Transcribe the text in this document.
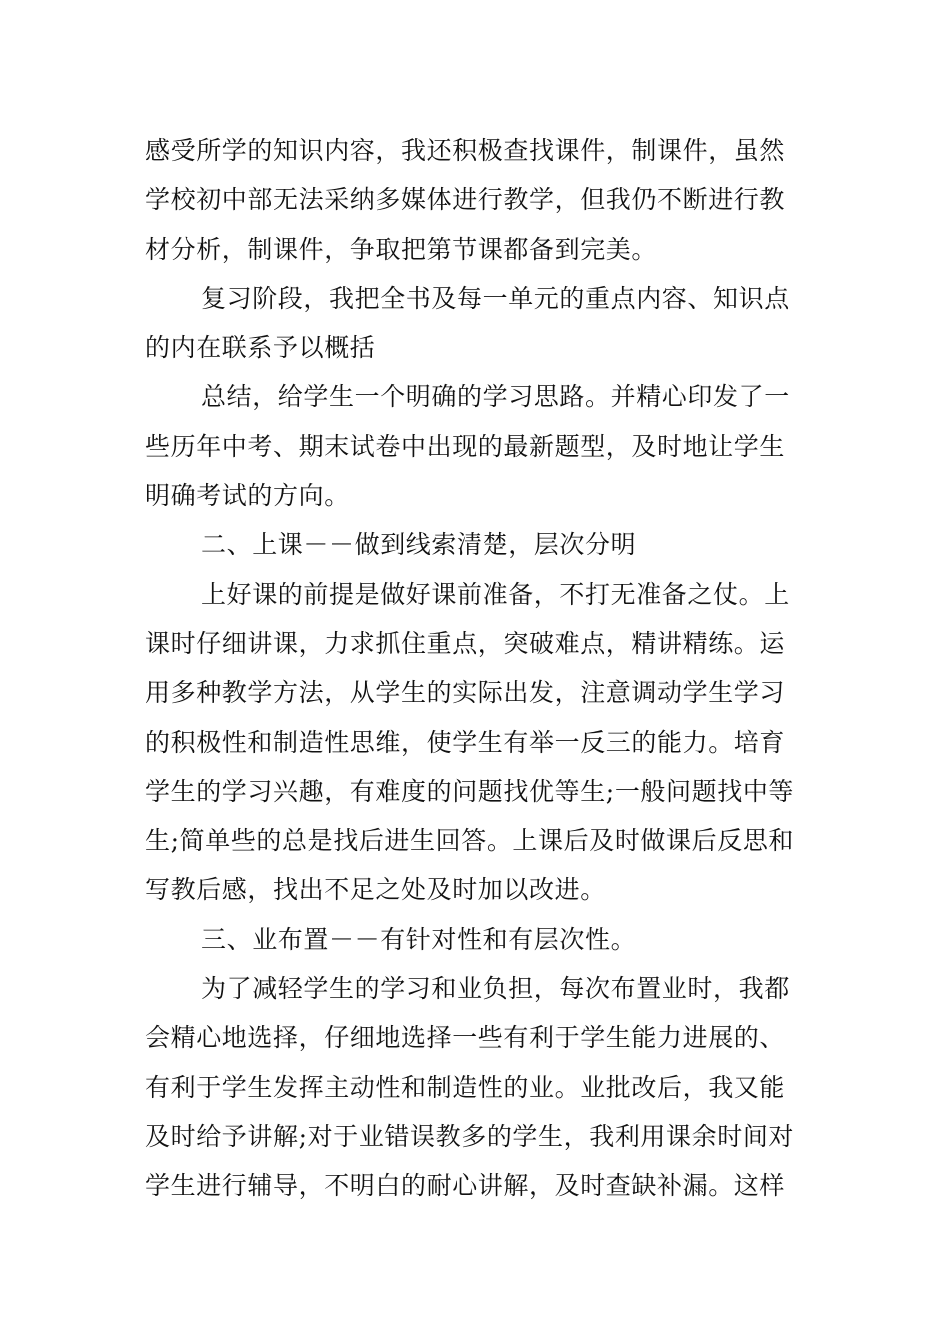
感受所学的知识内容，我还积极查找课件，制课件，虽然
学校初中部无法采纳多媒体进行教学，但我仍不断进行教
材分析，制课件，争取把第节课都备到完美。
复习阶段，我把全书及每一单元的重点内容、知识点
的内在联系予以概括
总结，给学生一个明确的学习思路。并精心印发了一
些历年中考、期末试卷中出现的最新题型，及时地让学生
明确考试的方向。
二、上课－－做到线索清楚，层次分明
上好课的前提是做好课前准备，不打无准备之仗。上
课时仔细讲课，力求抓住重点，突破难点，精讲精练。运
用多种教学方法，从学生的实际出发，注意调动学生学习
的积极性和制造性思维，使学生有举一反三的能力。培育
学生的学习兴趣，有难度的问题找优等生;一般问题找中等
生;简单些的总是找后进生回答。上课后及时做课后反思和
写教后感，找出不足之处及时加以改进。
三、业布置－－有针对性和有层次性。
为了减轻学生的学习和业负担，每次布置业时，我都
会精心地选择，仔细地选择一些有利于学生能力进展的、
有利于学生发挥主动性和制造性的业。业批改后，我又能
及时给予讲解;对于业错误教多的学生，我利用课余时间对
学生进行辅导，不明白的耐心讲解，及时查缺补漏。这样
